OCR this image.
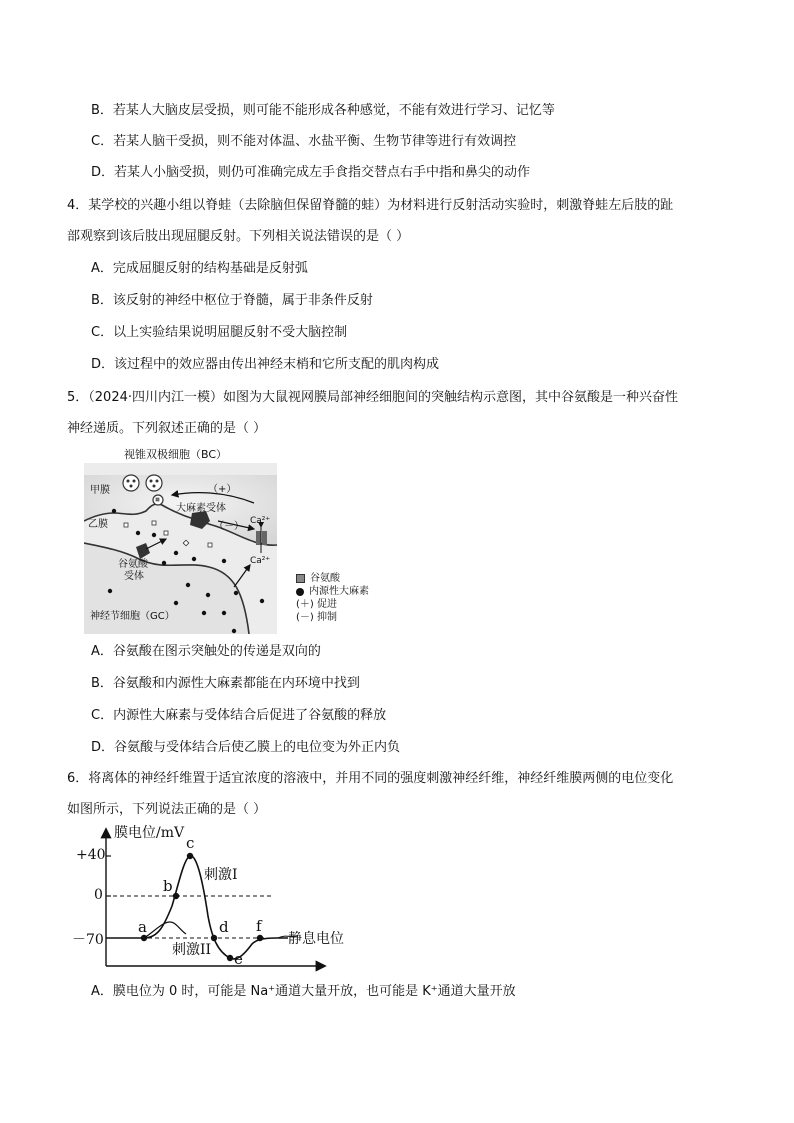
B．若某人大脑皮层受损，则可能不能形成各种感觉，不能有效进行学习、记忆等
C．若某人脑干受损，则不能对体温、水盐平衡、生物节律等进行有效调控
D．若某人小脑受损，则仍可准确完成左手食指交替点右手中指和鼻尖的动作
4．某学校的兴趣小组以脊蛙（去除脑但保留脊髓的蛙）为材料进行反射活动实验时，刺激脊蛙左后肢的趾
部观察到该后肢出现屈腿反射。下列相关说法错误的是（ ）
A．完成屈腿反射的结构基础是反射弧
B．该反射的神经中枢位于脊髓，属于非条件反射
C．以上实验结果说明屈腿反射不受大脑控制
D．该过程中的效应器由传出神经末梢和它所支配的肌肉构成
5．（2024·四川内江一模）如图为大鼠视网膜局部神经细胞间的突触结构示意图，其中谷氨酸是一种兴奋性
神经递质。下列叙述正确的是（ ）
视锥双极细胞（BC）
甲膜
乙膜
（+）
大麻素受体
（－） Ca²⁺
Ca²⁺
谷氨酸
受体
神经节细胞（GC）
谷氨酸
内源性大麻素
(＋) 促进
(－) 抑制
A．谷氨酸在图示突触处的传递是双向的
B．谷氨酸和内源性大麻素都能在内环境中找到
C．内源性大麻素与受体结合后促进了谷氨酸的释放
D．谷氨酸与受体结合后使乙膜上的电位变为外正内负
6．将离体的神经纤维置于适宜浓度的溶液中，并用不同的强度刺激神经纤维，神经纤维膜两侧的电位变化
如图所示，下列说法正确的是（ ）
膜电位/mV
+40
0
－70
a
b
c
d
e
f
刺激I
刺激II
静息电位
A．膜电位为 0 时，可能是 Na⁺通道大量开放，也可能是 K⁺通道大量开放
